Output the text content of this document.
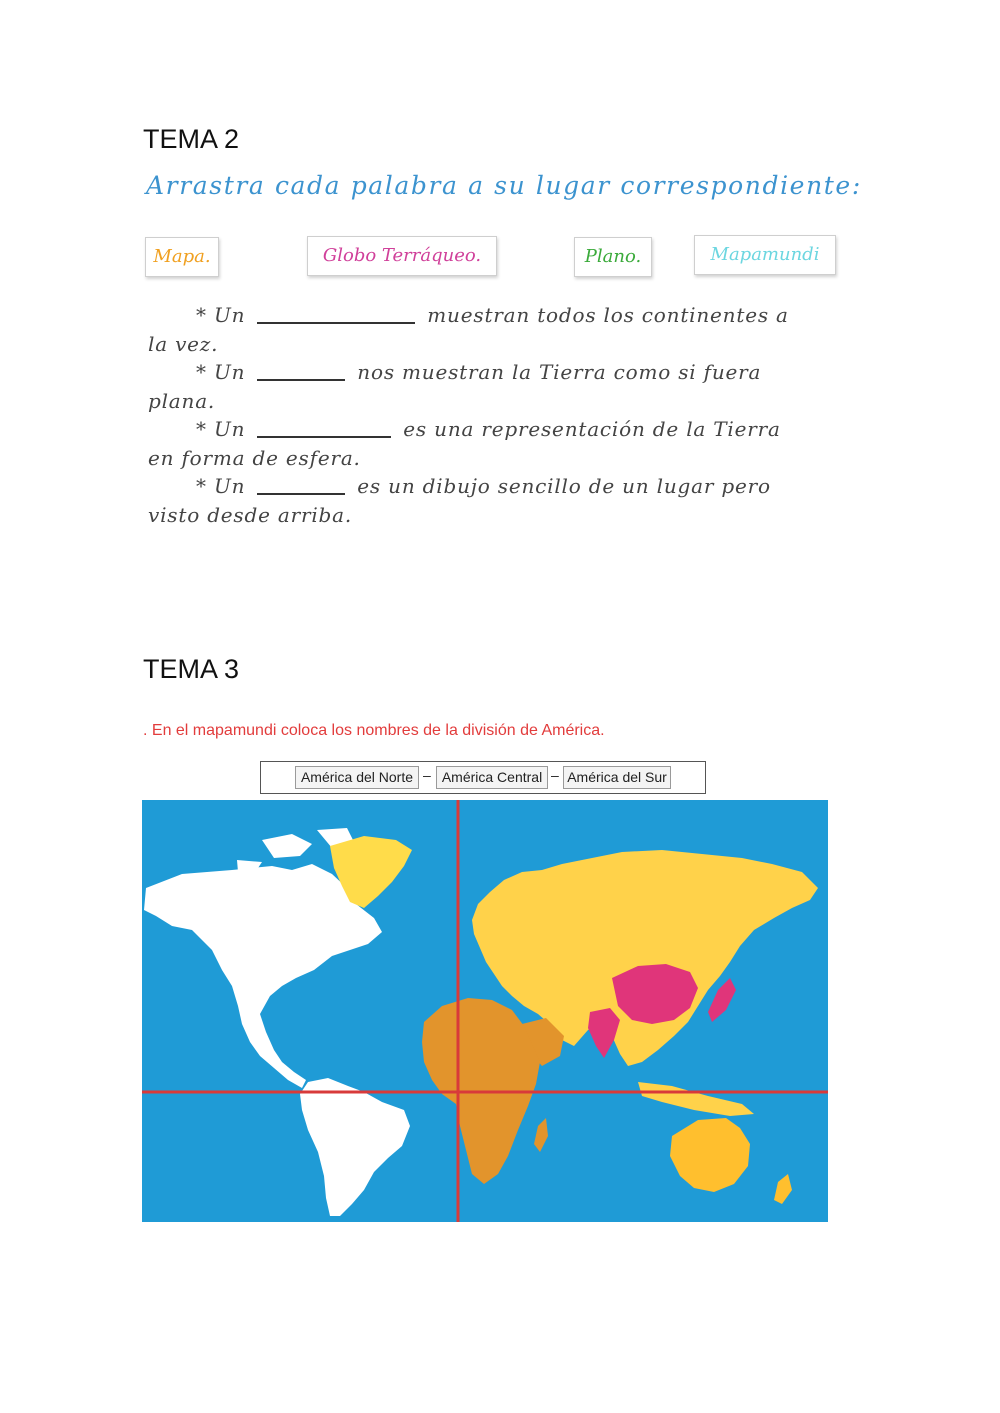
TEMA 2
Arrastra cada palabra a su lugar correspondiente:
Mapa.	Globo Terráqueo.	Plano.	Mapamundi
* Un	muestran todos los continentes a
la vez.
* Un	nos muestran la Tierra como si fuera
plana.
* Un	es una representación de la Tierra
en forma de esfera.
* Un	es un dibujo sencillo de un lugar pero
visto desde arriba.
TEMA 3
. En el mapamundi coloca los nombres de la división de América.
América del Norte – América Central – América del Sur
